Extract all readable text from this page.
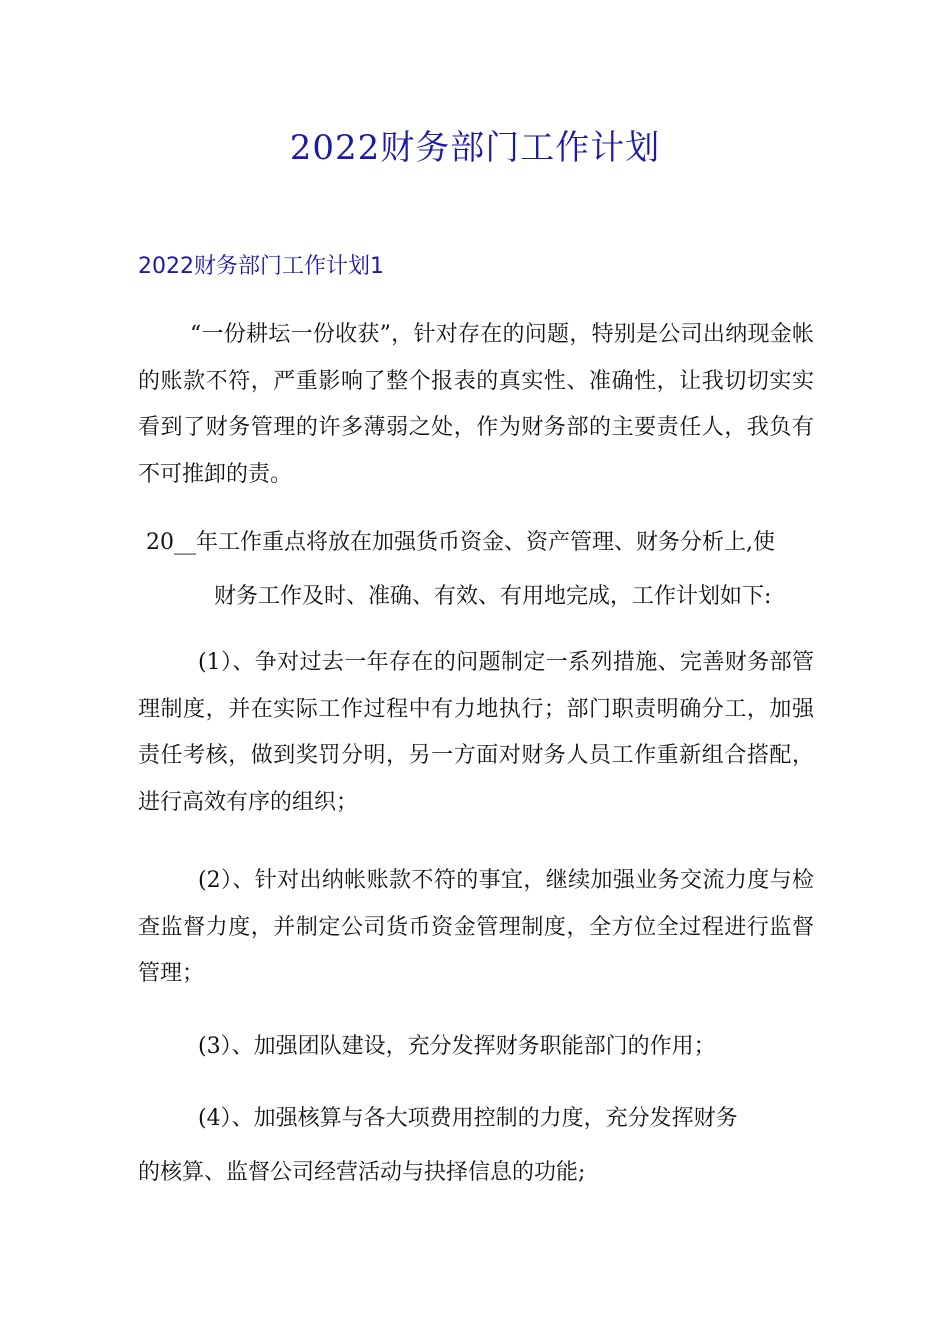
2022财务部门工作计划
2022财务部门工作计划1

“一份耕坛一份收获”，针对存在的问题，特别是公司出纳现金帐的账款不符，严重影响了整个报表的真实性、准确性，让我切切实实看到了财务管理的许多薄弱之处，作为财务部的主要责任人，我负有不可推卸的责。

20__年工作重点将放在加强货币资金、资产管理、财务分析上,使

财务工作及时、准确、有效、有用地完成，工作计划如下:

(1）、争对过去一年存在的问题制定一系列措施、完善财务部管理制度，并在实际工作过程中有力地执行；部门职责明确分工，加强责任考核，做到奖罚分明，另一方面对财务人员工作重新组合搭配，进行高效有序的组织；

(2）、针对出纳帐账款不符的事宜，继续加强业务交流力度与检查监督力度，并制定公司货币资金管理制度，全方位全过程进行监督管理；

(3）、加强团队建设，充分发挥财务职能部门的作用；

(4）、加强核算与各大项费用控制的力度，充分发挥财务

的核算、监督公司经营活动与抉择信息的功能;
